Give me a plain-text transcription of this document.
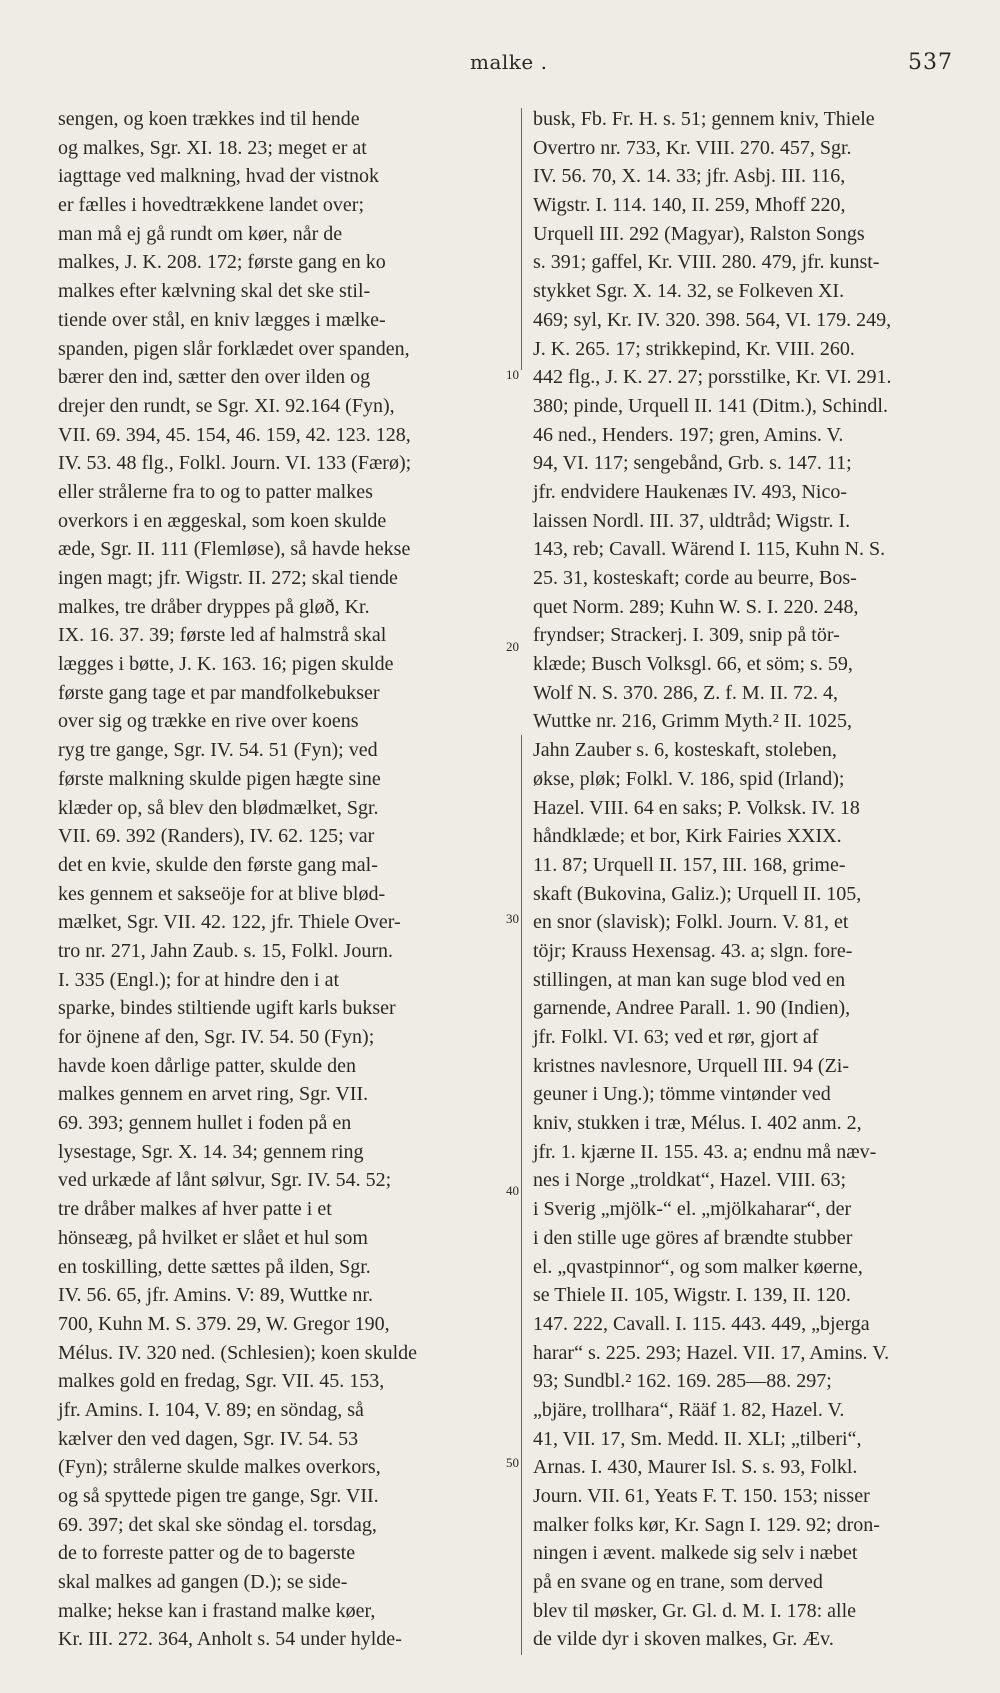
malke .	537
sengen, og koen trækkes ind til hende
og malkes, Sgr. XI. 18. 23; meget er at
iagttage ved malkning, hvad der vistnok
er fælles i hovedtrækkene landet over;
man må ej gå rundt om køer, når de
malkes, J. K. 208. 172; første gang en ko
malkes efter kælvning skal det ske stil-
tiende over stål, en kniv lægges i mælke-
spanden, pigen slår forklædet over spanden,
bærer den ind, sætter den over ilden og
drejer den rundt, se Sgr. XI. 92.164 (Fyn),
VII. 69. 394, 45. 154, 46. 159, 42. 123. 128,
IV. 53. 48 flg., Folkl. Journ. VI. 133 (Færø);
eller strålerne fra to og to patter malkes
overkors i en æggeskal, som koen skulde
æde, Sgr. II. 111 (Flemløse), så havde hekse
ingen magt; jfr. Wigstr. II. 272; skal tiende
malkes, tre dråber dryppes på gløð, Kr.
IX. 16. 37. 39; første led af halmstrå skal
lægges i bøtte, J. K. 163. 16; pigen skulde
første gang tage et par mandfolkebukser
over sig og trække en rive over koens
ryg tre gange, Sgr. IV. 54. 51 (Fyn); ved
første malkning skulde pigen hægte sine
klæder op, så blev den blødmælket, Sgr.
VII. 69. 392 (Randers), IV. 62. 125; var
det en kvie, skulde den første gang mal-
kes gennem et sakseöje for at blive blød-
mælket, Sgr. VII. 42. 122, jfr. Thiele Over-
tro nr. 271, Jahn Zaub. s. 15, Folkl. Journ.
I. 335 (Engl.); for at hindre den i at
sparke, bindes stiltiende ugift karls bukser
for öjnene af den, Sgr. IV. 54. 50 (Fyn);
havde koen dårlige patter, skulde den
malkes gennem en arvet ring, Sgr. VII.
69. 393; gennem hullet i foden på en
lysestage, Sgr. X. 14. 34; gennem ring
ved urkæde af lånt sølvur, Sgr. IV. 54. 52;
tre dråber malkes af hver patte i et
hönseæg, på hvilket er slået et hul som
en toskilling, dette sættes på ilden, Sgr.
IV. 56. 65, jfr. Amins. V: 89, Wuttke nr.
700, Kuhn M. S. 379. 29, W. Gregor 190,
Mélus. IV. 320 ned. (Schlesien); koen skulde
malkes gold en fredag, Sgr. VII. 45. 153,
jfr. Amins. I. 104, V. 89; en söndag, så
kælver den ved dagen, Sgr. IV. 54. 53
(Fyn); strålerne skulde malkes overkors,
og så spyttede pigen tre gange, Sgr. VII.
69. 397; det skal ske söndag el. torsdag,
de to forreste patter og de to bagerste
skal malkes ad gangen (D.); se side-
malke; hekse kan i frastand malke køer,
Kr. III. 272. 364, Anholt s. 54 under hylde-
busk, Fb. Fr. H. s. 51; gennem kniv, Thiele
Overtro nr. 733, Kr. VIII. 270. 457, Sgr.
IV. 56. 70, X. 14. 33; jfr. Asbj. III. 116,
Wigstr. I. 114. 140, II. 259, Mhoff 220,
Urquell III. 292 (Magyar), Ralston Songs
s. 391; gaffel, Kr. VIII. 280. 479, jfr. kunst-
stykket Sgr. X. 14. 32, se Folkeven XI.
469; syl, Kr. IV. 320. 398. 564, VI. 179. 249,
J. K. 265. 17; strikkepind, Kr. VIII. 260.
442 flg., J. K. 27. 27; porsstilke, Kr. VI. 291.
380; pinde, Urquell II. 141 (Ditm.), Schindl.
46 ned., Henders. 197; gren, Amins. V.
94, VI. 117; sengebånd, Grb. s. 147. 11;
jfr. endvidere Haukenæs IV. 493, Nico-
laissen Nordl. III. 37, uldtråd; Wigstr. I.
143, reb; Cavall. Wärend I. 115, Kuhn N. S.
25. 31, kosteskaft; corde au beurre, Bos-
quet Norm. 289; Kuhn W. S. I. 220. 248,
fryndser; Strackerj. I. 309, snip på tör-
klæde; Busch Volksgl. 66, et söm; s. 59,
Wolf N. S. 370. 286, Z. f. M. II. 72. 4,
Wuttke nr. 216, Grimm Myth.² II. 1025,
Jahn Zauber s. 6, kosteskaft, stoleben,
økse, pløk; Folkl. V. 186, spid (Irland);
Hazel. VIII. 64 en saks; P. Volksk. IV. 18
håndklæde; et bor, Kirk Fairies XXIX.
11. 87; Urquell II. 157, III. 168, grime-
skaft (Bukovina, Galiz.); Urquell II. 105,
en snor (slavisk); Folkl. Journ. V. 81, et
töjr; Krauss Hexensag. 43. a; slgn. fore-
stillingen, at man kan suge blod ved en
garnende, Andree Parall. 1. 90 (Indien),
jfr. Folkl. VI. 63; ved et rør, gjort af
kristnes navlesnore, Urquell III. 94 (Zi-
geuner i Ung.); tömme vintønder ved
kniv, stukken i træ, Mélus. I. 402 anm. 2,
jfr. 1. kjærne II. 155. 43. a; endnu må næv-
nes i Norge „troldkat“, Hazel. VIII. 63;
i Sverig „mjölk-“ el. „mjölkaharar“, der
i den stille uge göres af brændte stubber
el. „qvastpinnor“, og som malker køerne,
se Thiele II. 105, Wigstr. I. 139, II. 120.
147. 222, Cavall. I. 115. 443. 449, „bjerga
harar“ s. 225. 293; Hazel. VII. 17, Amins. V.
93; Sundbl.² 162. 169. 285—88. 297;
„bjäre, trollhara“, Rääf 1. 82, Hazel. V.
41, VII. 17, Sm. Medd. II. XLI; „tilberi“,
Arnas. I. 430, Maurer Isl. S. s. 93, Folkl.
Journ. VII. 61, Yeats F. T. 150. 153; nisser
malker folks kør, Kr. Sagn I. 129. 92; dron-
ningen i ævent. malkede sig selv i næbet
på en svane og en trane, som derved
blev til møsker, Gr. Gl. d. M. I. 178: alle
de vilde dyr i skoven malkes, Gr. Æv.
10
20
30
40
50
